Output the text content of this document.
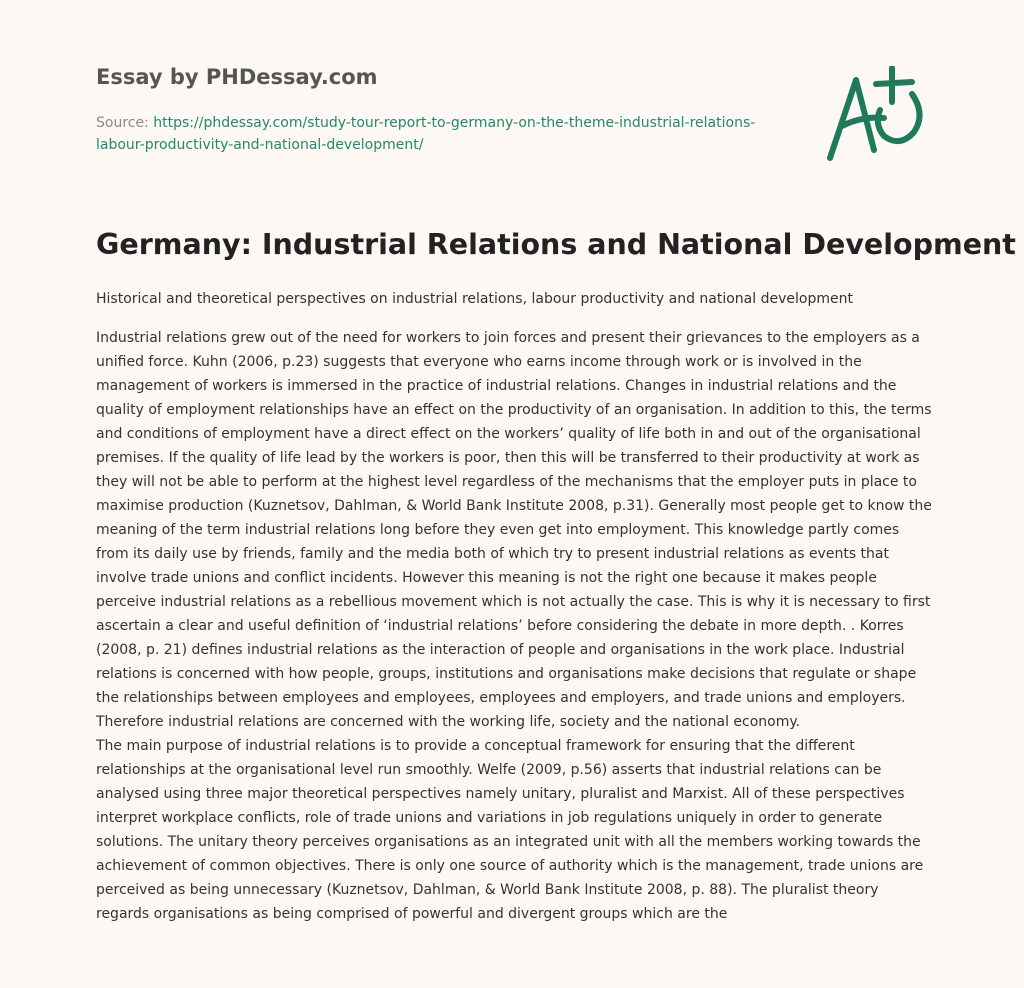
Essay by PHDessay.com
Source: https://phdessay.com/study-tour-report-to-germany-on-the-theme-industrial-relations-labour-productivity-and-national-development/
Germany: Industrial Relations and National Development

Historical and theoretical perspectives on industrial relations, labour productivity and national development

Industrial relations grew out of the need for workers to join forces and present their grievances to the employers as a unified force. Kuhn (2006, p.23) suggests that everyone who earns income through work or is involved in the management of workers is immersed in the practice of industrial relations. Changes in industrial relations and the quality of employment relationships have an effect on the productivity of an organisation. In addition to this, the terms and conditions of employment have a direct effect on the workers’ quality of life both in and out of the organisational premises. If the quality of life lead by the workers is poor, then this will be transferred to their productivity at work as they will not be able to perform at the highest level regardless of the mechanisms that the employer puts in place to maximise production (Kuznetsov, Dahlman, & World Bank Institute 2008, p.31). Generally most people get to know the meaning of the term industrial relations long before they even get into employment. This knowledge partly comes from its daily use by friends, family and the media both of which try to present industrial relations as events that involve trade unions and conflict incidents. However this meaning is not the right one because it makes people perceive industrial relations as a rebellious movement which is not actually the case. This is why it is necessary to first ascertain a clear and useful definition of ‘industrial relations’ before considering the debate in more depth. . Korres (2008, p. 21) defines industrial relations as the interaction of people and organisations in the work place. Industrial relations is concerned with how people, groups, institutions and organisations make decisions that regulate or shape the relationships between employees and employees, employees and employers, and trade unions and employers. Therefore industrial relations are concerned with the working life, society and the national economy.

The main purpose of industrial relations is to provide a conceptual framework for ensuring that the different relationships at the organisational level run smoothly. Welfe (2009, p.56) asserts that industrial relations can be analysed using three major theoretical perspectives namely unitary, pluralist and Marxist. All of these perspectives interpret workplace conflicts, role of trade unions and variations in job regulations uniquely in order to generate solutions. The unitary theory perceives organisations as an integrated unit with all the members working towards the achievement of common objectives. There is only one source of authority which is the management, trade unions are perceived as being unnecessary (Kuznetsov, Dahlman, & World Bank Institute 2008, p. 88). The pluralist theory regards organisations as being comprised of powerful and divergent groups which are the
